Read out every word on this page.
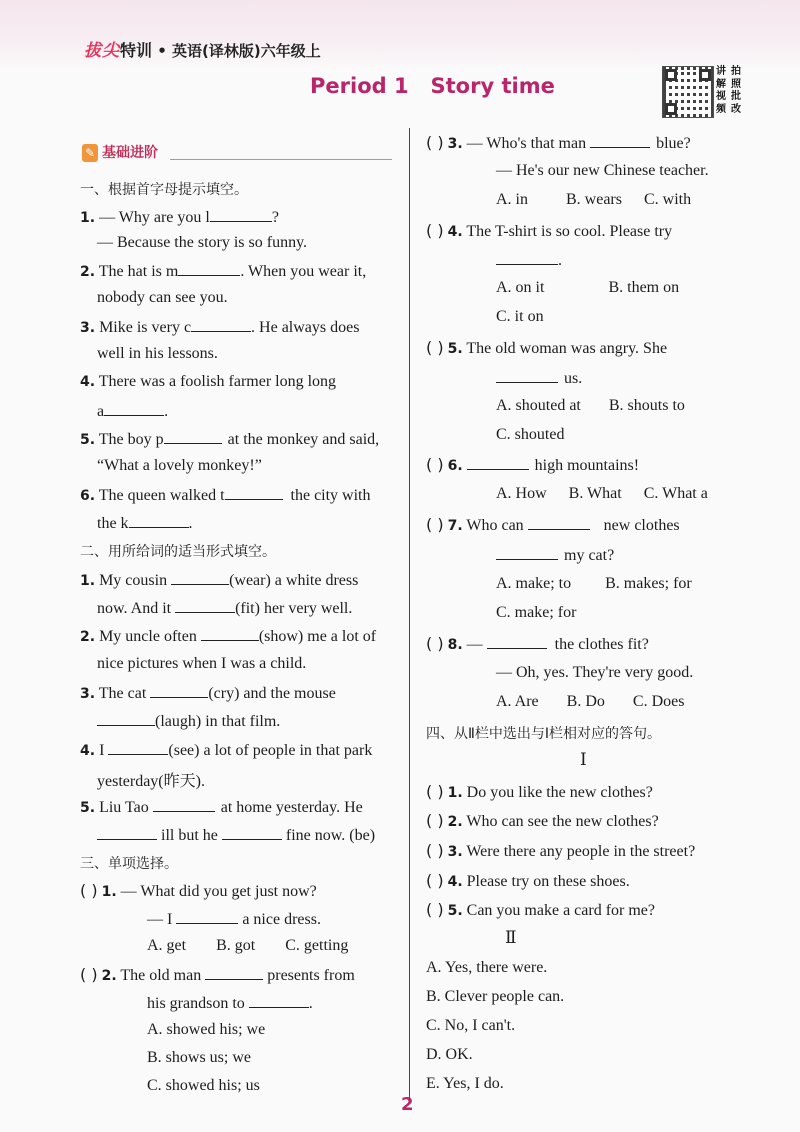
拔尖特训 • 英语(译林版)六年级上
Period 1   Story time
讲 拍
解 照
视 批
频 改
✎ 基础进阶
一、根据首字母提示填空。
1. — Why are you l	?
— Because the story is so funny.
2. The hat is m	. When you wear it,
nobody can see you.
3. Mike is very c	. He always does
well in his lessons.
4. There was a foolish farmer long long
a	.
5. The boy p	at the monkey and said,
“What a lovely monkey!”
6. The queen walked t	the city with
the k	.
二、用所给词的适当形式填空。
1. My cousin	(wear) a white dress
now. And it	(fit) her very well.
2. My uncle often	(show) me a lot of
nice pictures when I was a child.
3. The cat	(cry) and the mouse
(laugh) in that film.
4. I	(see) a lot of people in that park
yesterday(昨天).
5. Liu Tao	at home yesterday. He
ill but he	fine now. (be)
三、单项选择。
( ) 1. — What did you get just now?
— I	a nice dress.
A. get B. got C. getting
( ) 2. The old man	presents from
his grandson to	.
A. showed his; we
B. shows us; we
C. showed his; us
( ) 3. — Who's that man	blue?
— He's our new Chinese teacher.
A. in B. wears C. with
( ) 4. The T-shirt is so cool. Please try
.
A. on it	B. them on
C. it on
( ) 5. The old woman was angry. She
us.
A. shouted at B. shouts to
C. shouted
( ) 6.	high mountains!
A. How B. What C. What a
( ) 7. Who can	new clothes
my cat?
A. make; to B. makes; for
C. make; for
( ) 8. —	the clothes fit?
— Oh, yes. They're very good.
A. Are B. Do C. Does
四、从Ⅱ栏中选出与Ⅰ栏相对应的答句。
Ⅰ
( ) 1. Do you like the new clothes?
( ) 2. Who can see the new clothes?
( ) 3. Were there any people in the street?
( ) 4. Please try on these shoes.
( ) 5. Can you make a card for me?
Ⅱ
A. Yes, there were.
B. Clever people can.
C. No, I can't.
D. OK.
E. Yes, I do.
2
